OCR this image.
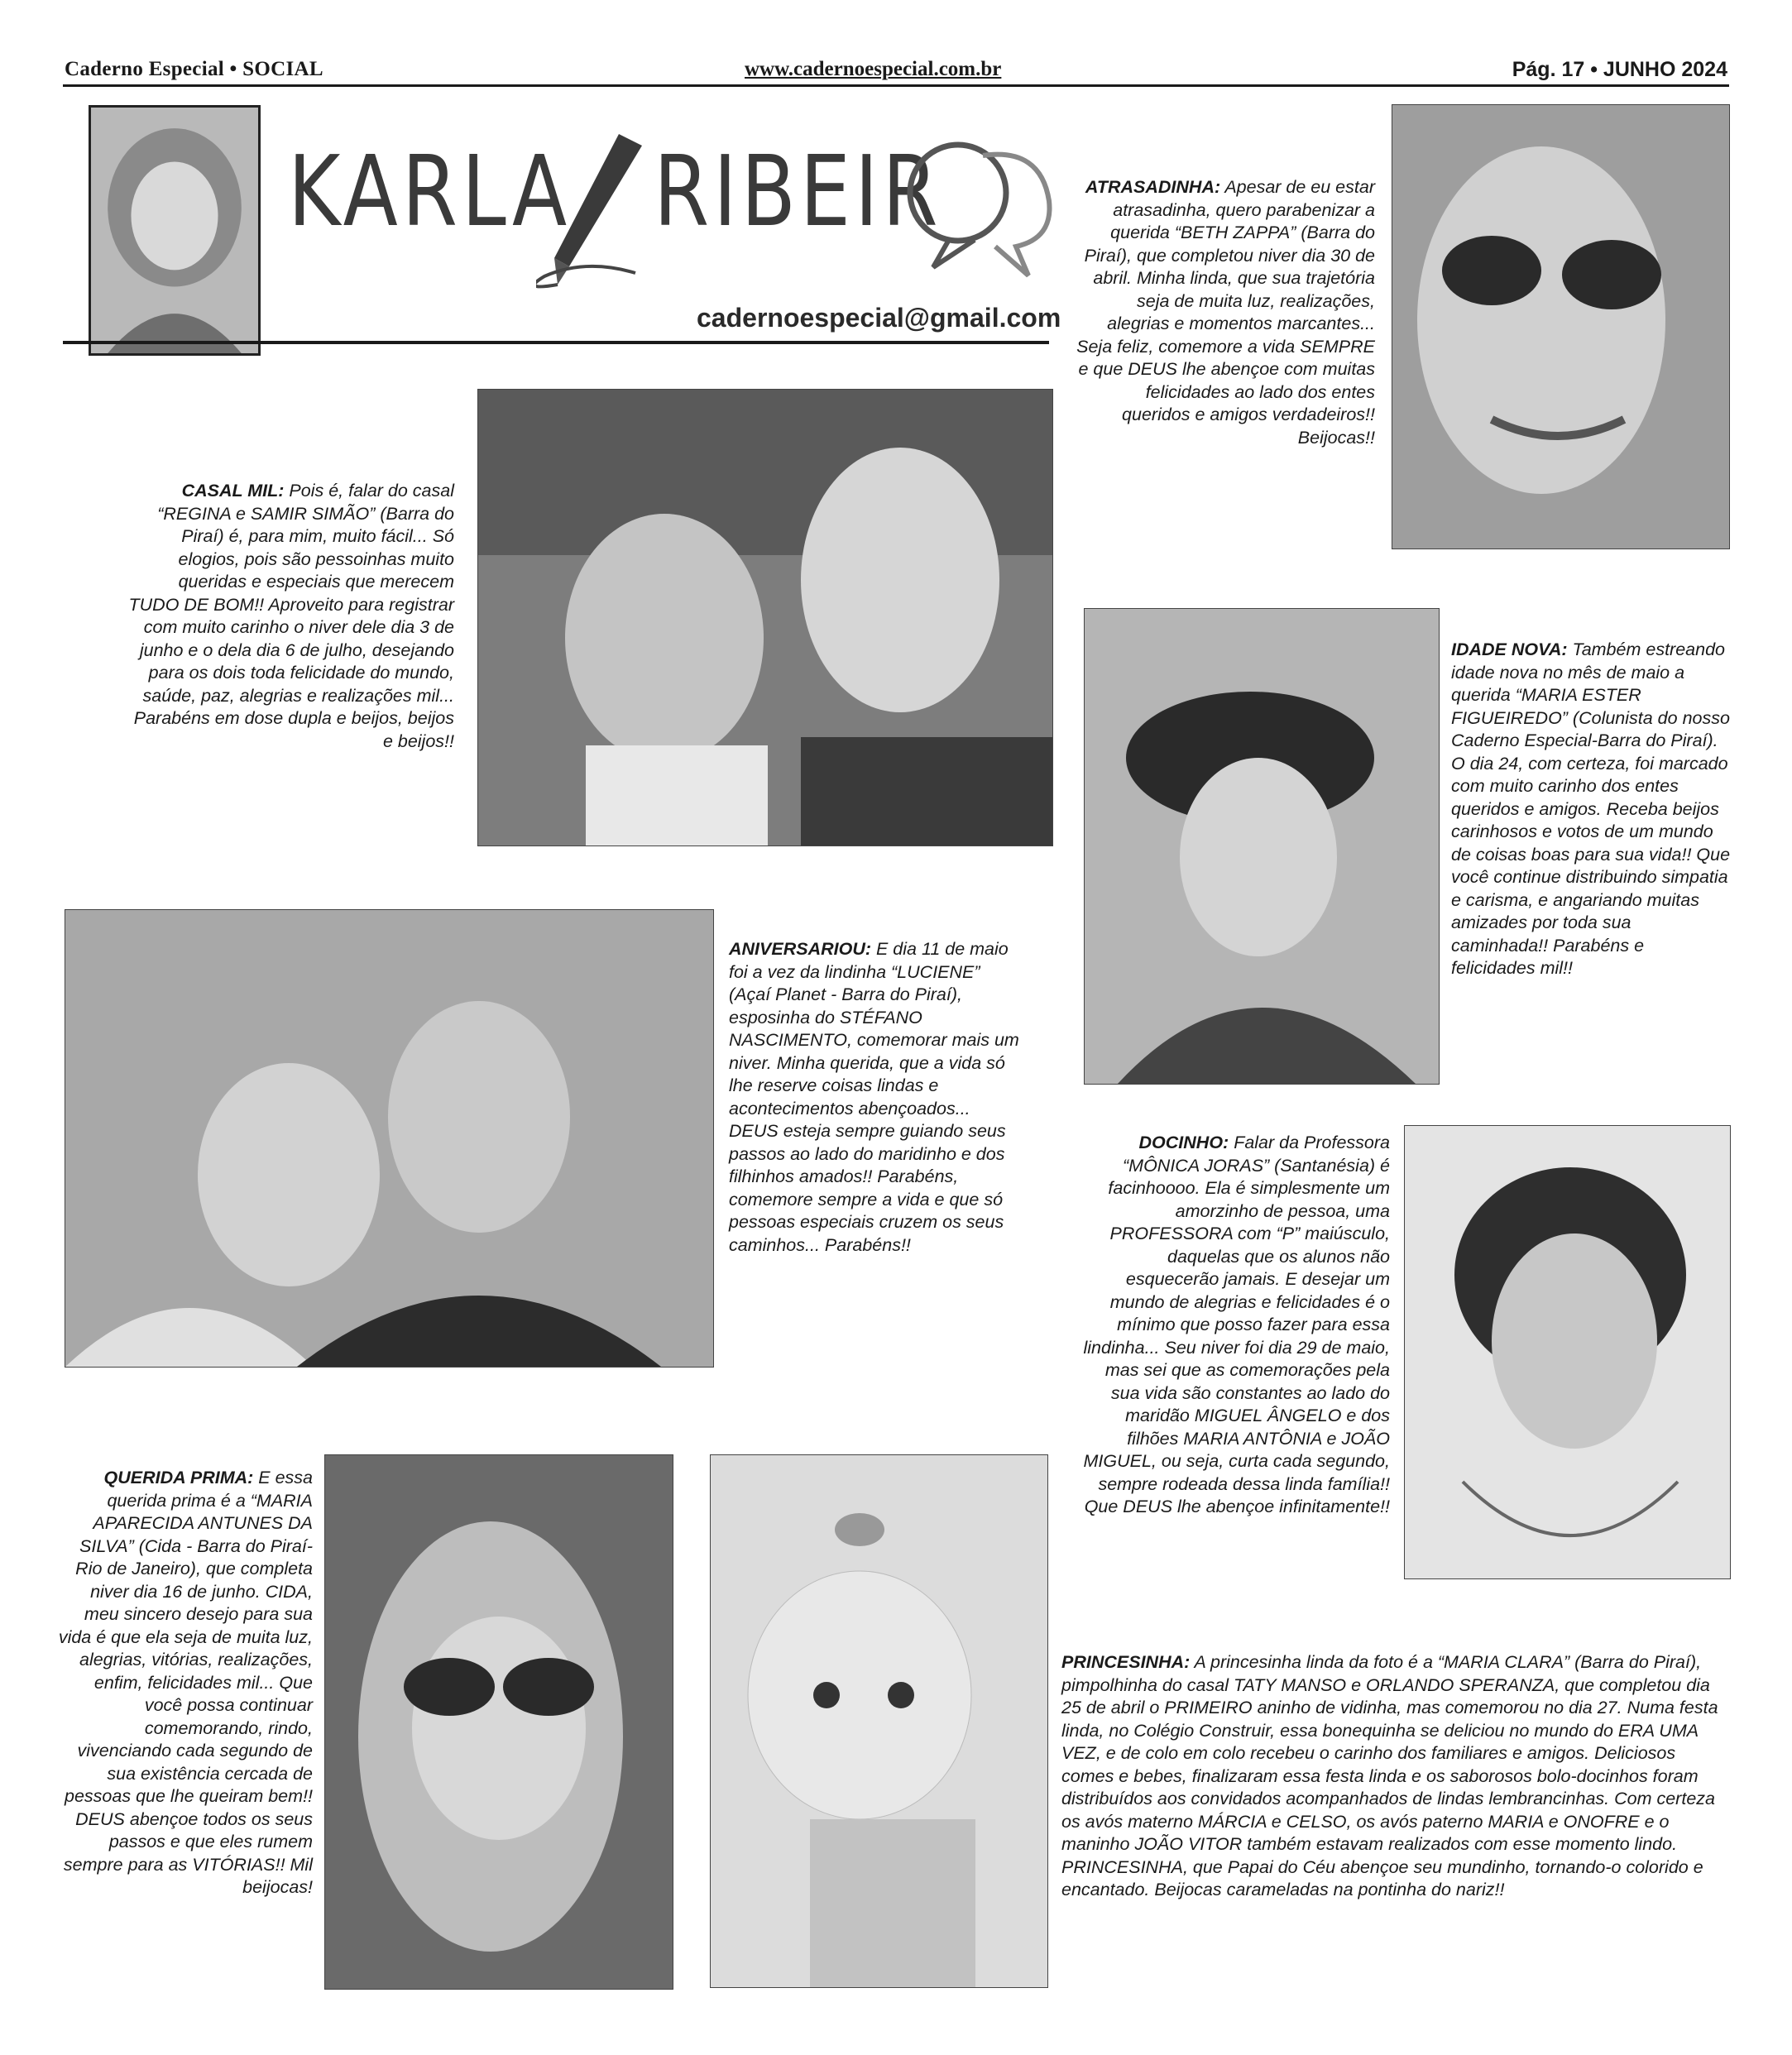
Caderno Especial • SOCIAL	www.cadernoespecial.com.br	Pág. 17 • JUNHO 2024
KARLA RIBEIR
cadernoespecial@gmail.com
ATRASADINHA: Apesar de eu estar atrasadinha, quero parabenizar a querida “BETH ZAPPA” (Barra do Piraí), que completou niver dia 30 de abril. Minha linda, que sua trajetória seja de muita luz, realizações, alegrias e momentos marcantes... Seja feliz, comemore a vida SEMPRE e que DEUS lhe abençoe com muitas felicidades ao lado dos entes queridos e amigos verdadeiros!! Beijocas!!
CASAL MIL: Pois é, falar do casal “REGINA e SAMIR SIMÃO” (Barra do Piraí) é, para mim, muito fácil... Só elogios, pois são pessoinhas muito queridas e especiais que merecem TUDO DE BOM!! Aproveito para registrar com muito carinho o niver dele dia 3 de junho e o dela dia 6 de julho, desejando para os dois toda felicidade do mundo, saúde, paz, alegrias e realizações mil... Parabéns em dose dupla e beijos, beijos e beijos!!
IDADE NOVA: Também estreando idade nova no mês de maio a querida “MARIA ESTER FIGUEIREDO” (Colunista do nosso Caderno Especial-Barra do Piraí). O dia 24, com certeza, foi marcado com muito carinho dos entes queridos e amigos. Receba beijos carinhosos e votos de um mundo de coisas boas para sua vida!! Que você continue distribuindo simpatia e carisma, e angariando muitas amizades por toda sua caminhada!! Parabéns e felicidades mil!!
ANIVERSARIOU: E dia 11 de maio foi a vez da lindinha “LUCIENE” (Açaí Planet - Barra do Piraí), esposinha do STÉFANO NASCIMENTO, comemorar mais um niver. Minha querida, que a vida só lhe reserve coisas lindas e acontecimentos abençoados... DEUS esteja sempre guiando seus passos ao lado do maridinho e dos filhinhos amados!! Parabéns, comemore sempre a vida e que só pessoas especiais cruzem os seus caminhos... Parabéns!!
DOCINHO: Falar da Professora “MÔNICA JORAS” (Santanésia) é facinhoooo. Ela é simplesmente um amorzinho de pessoa, uma PROFESSORA com “P” maiúsculo, daquelas que os alunos não esquecerão jamais. E desejar um mundo de alegrias e felicidades é o mínimo que posso fazer para essa lindinha... Seu niver foi dia 29 de maio, mas sei que as comemorações pela sua vida são constantes ao lado do maridão MIGUEL ÂNGELO e dos filhões MARIA ANTÔNIA e JOÃO MIGUEL, ou seja, curta cada segundo, sempre rodeada dessa linda família!! Que DEUS lhe abençoe infinitamente!!
QUERIDA PRIMA: E essa querida prima é a “MARIA APARECIDA ANTUNES DA SILVA” (Cida - Barra do Piraí-Rio de Janeiro), que completa niver dia 16 de junho. CIDA, meu sincero desejo para sua vida é que ela seja de muita luz, alegrias, vitórias, realizações, enfim, felicidades mil... Que você possa continuar comemorando, rindo, vivenciando cada segundo de sua existência cercada de pessoas que lhe queiram bem!! DEUS abençoe todos os seus passos e que eles rumem sempre para as VITÓRIAS!! Mil beijocas!
PRINCESINHA: A princesinha linda da foto é a “MARIA CLARA” (Barra do Piraí), pimpolhinha do casal TATY MANSO e ORLANDO SPERANZA, que completou dia 25 de abril o PRIMEIRO aninho de vidinha, mas comemorou no dia 27. Numa festa linda, no Colégio Construir, essa bonequinha se deliciou no mundo do ERA UMA VEZ, e de colo em colo recebeu o carinho dos familiares e amigos. Deliciosos comes e bebes, finalizaram essa festa linda e os saborosos bolo-docinhos foram distribuídos aos convidados acompanhados de lindas lembrancinhas. Com certeza os avós materno MÁRCIA e CELSO, os avós paterno MARIA e ONOFRE e o maninho JOÃO VITOR também estavam realizados com esse momento lindo. PRINCESINHA, que Papai do Céu abençoe seu mundinho, tornando-o colorido e encantado. Beijocas carameladas na pontinha do nariz!!
